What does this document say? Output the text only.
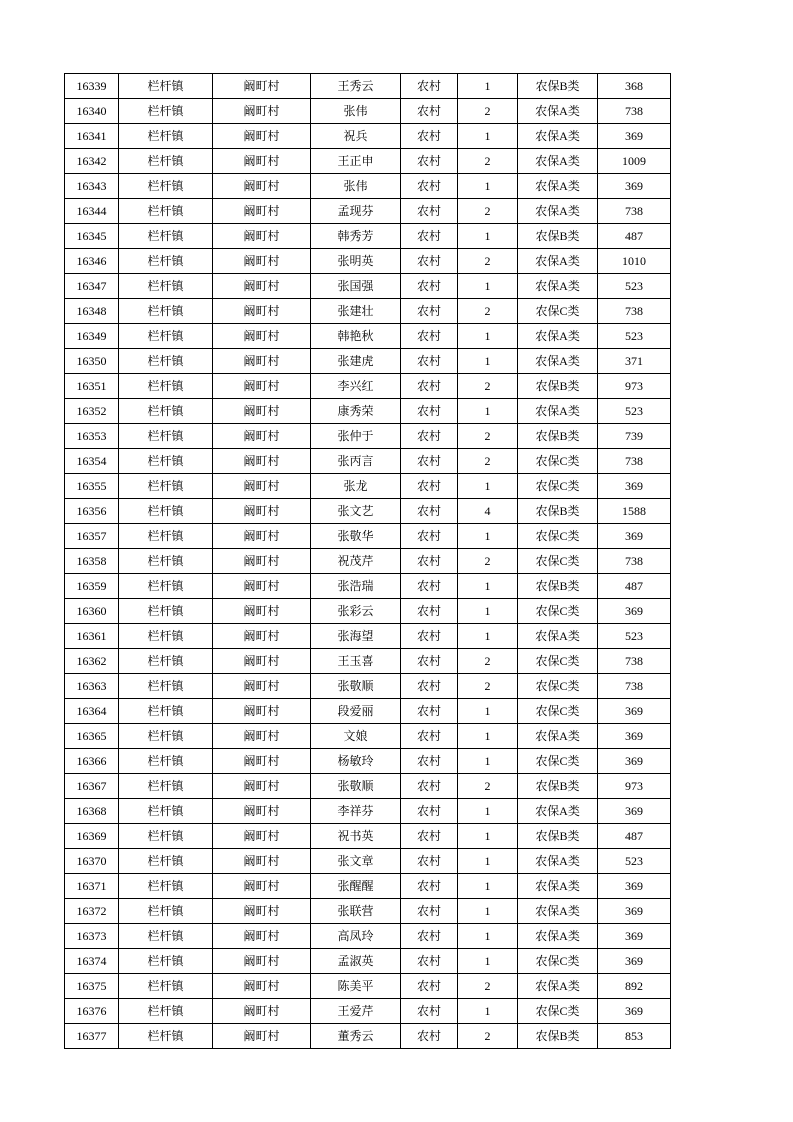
16339	栏杆镇	阚町村	王秀云	农村	1	农保B类	368
16340	栏杆镇	阚町村	张伟	农村	2	农保A类	738
16341	栏杆镇	阚町村	祝兵	农村	1	农保A类	369
16342	栏杆镇	阚町村	王正申	农村	2	农保A类	1009
16343	栏杆镇	阚町村	张伟	农村	1	农保A类	369
16344	栏杆镇	阚町村	孟现芬	农村	2	农保A类	738
16345	栏杆镇	阚町村	韩秀芳	农村	1	农保B类	487
16346	栏杆镇	阚町村	张明英	农村	2	农保A类	1010
16347	栏杆镇	阚町村	张国强	农村	1	农保A类	523
16348	栏杆镇	阚町村	张建壮	农村	2	农保C类	738
16349	栏杆镇	阚町村	韩艳秋	农村	1	农保A类	523
16350	栏杆镇	阚町村	张建虎	农村	1	农保A类	371
16351	栏杆镇	阚町村	李兴红	农村	2	农保B类	973
16352	栏杆镇	阚町村	康秀荣	农村	1	农保A类	523
16353	栏杆镇	阚町村	张仲于	农村	2	农保B类	739
16354	栏杆镇	阚町村	张丙言	农村	2	农保C类	738
16355	栏杆镇	阚町村	张龙	农村	1	农保C类	369
16356	栏杆镇	阚町村	张文艺	农村	4	农保B类	1588
16357	栏杆镇	阚町村	张敬华	农村	1	农保C类	369
16358	栏杆镇	阚町村	祝茂芹	农村	2	农保C类	738
16359	栏杆镇	阚町村	张浩瑞	农村	1	农保B类	487
16360	栏杆镇	阚町村	张彩云	农村	1	农保C类	369
16361	栏杆镇	阚町村	张海望	农村	1	农保A类	523
16362	栏杆镇	阚町村	王玉喜	农村	2	农保C类	738
16363	栏杆镇	阚町村	张敬顺	农村	2	农保C类	738
16364	栏杆镇	阚町村	段爱丽	农村	1	农保C类	369
16365	栏杆镇	阚町村	文娘	农村	1	农保A类	369
16366	栏杆镇	阚町村	杨敏玲	农村	1	农保C类	369
16367	栏杆镇	阚町村	张敬顺	农村	2	农保B类	973
16368	栏杆镇	阚町村	李祥芬	农村	1	农保A类	369
16369	栏杆镇	阚町村	祝书英	农村	1	农保B类	487
16370	栏杆镇	阚町村	张文章	农村	1	农保A类	523
16371	栏杆镇	阚町村	张醒醒	农村	1	农保A类	369
16372	栏杆镇	阚町村	张联营	农村	1	农保A类	369
16373	栏杆镇	阚町村	高凤玲	农村	1	农保A类	369
16374	栏杆镇	阚町村	孟淑英	农村	1	农保C类	369
16375	栏杆镇	阚町村	陈美平	农村	2	农保A类	892
16376	栏杆镇	阚町村	王爱芹	农村	1	农保C类	369
16377	栏杆镇	阚町村	董秀云	农村	2	农保B类	853
